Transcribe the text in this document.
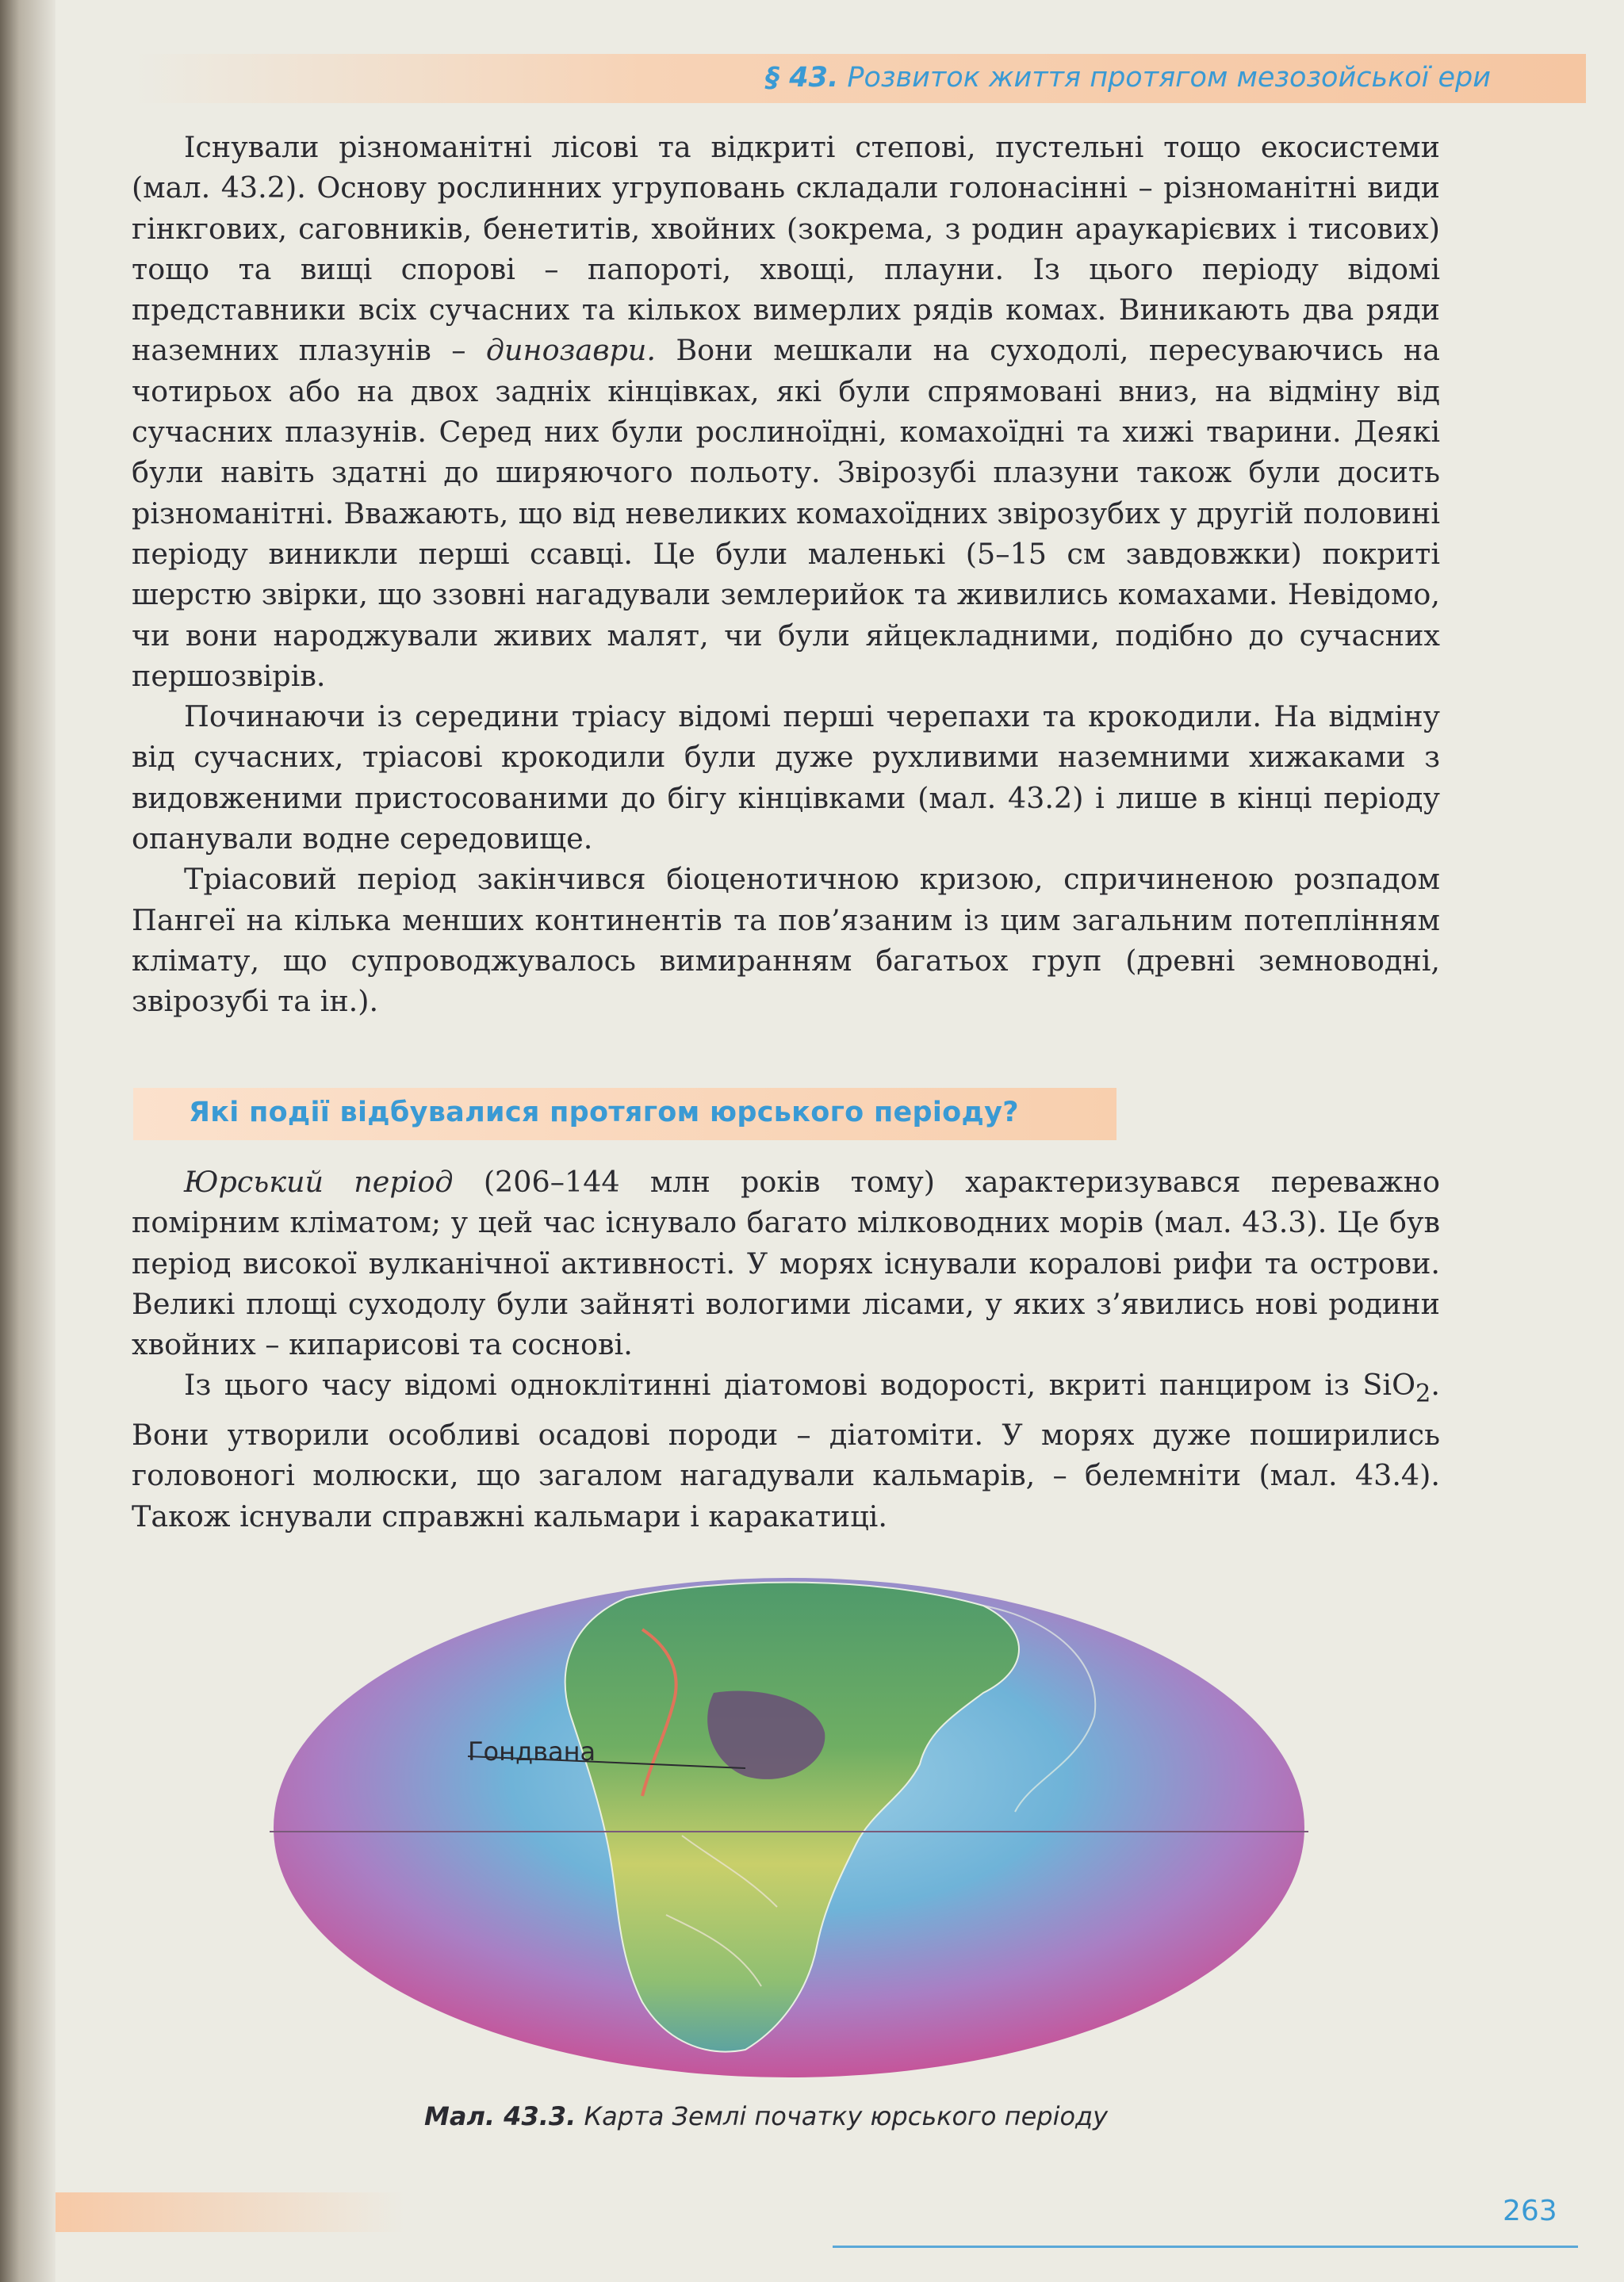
§ 43. Розвиток життя протягом мезозойської ери

Існували різноманітні лісові та відкриті степові, пустельні тощо екосистеми (мал. 43.2). Основу рослинних угруповань складали голонасінні – різноманітні види гінкгових, саговників, бенетитів, хвойних (зокрема, з родин араукарієвих і тисових) тощо та вищі спорові – папороті, хвощі, плауни. Із цього періоду відомі представники всіх сучасних та кількох вимерлих рядів комах. Виникають два ряди наземних плазунів – динозаври. Вони мешкали на суходолі, пересуваючись на чотирьох або на двох задніх кінцівках, які були спрямовані вниз, на відміну від сучасних плазунів. Серед них були рослиноїдні, комахоїдні та хижі тварини. Деякі були навіть здатні до ширяючого польоту. Звірозубі плазуни також були досить різноманітні. Вважають, що від невеликих комахоїдних звірозубих у другій половині періоду виникли перші ссавці. Це були маленькі (5–15 см завдовжки) покриті шерстю звірки, що ззовні нагадували землерийок та живились комахами. Невідомо, чи вони народжували живих малят, чи були яйцекладними, подібно до сучасних першозвірів.

Починаючи із середини тріасу відомі перші черепахи та крокодили. На відміну від сучасних, тріасові крокодили були дуже рухливими наземними хижаками з видовженими пристосованими до бігу кінцівками (мал. 43.2) і лише в кінці періоду опанували водне середовище.

Тріасовий період закінчився біоценотичною кризою, спричиненою розпадом Пангеї на кілька менших континентів та пов’язаним із цим загальним потеплінням клімату, що супроводжувалось вимиранням багатьох груп (древні земноводні, звірозубі та ін.).

Які події відбувалися протягом юрського періоду?

Юрський період (206–144 млн років тому) характеризувався переважно помірним кліматом; у цей час існувало багато мілководних морів (мал. 43.3). Це був період високої вулканічної активності. У морях існували коралові рифи та острови. Великі площі суходолу були зайняті вологими лісами, у яких з’явились нові родини хвойних – кипарисові та соснові.

Із цього часу відомі одноклітинні діатомові водорості, вкриті панциром із SiO$_2$. Вони утворили особливі осадові породи – діатоміти. У морях дуже поширились головоногі молюски, що загалом нагадували кальмарів, – белемніти (мал. 43.4). Також існували справжні кальмари і каракатиці.

Гондвана
Мал. 43.3. Карта Землі початку юрського періоду
263
